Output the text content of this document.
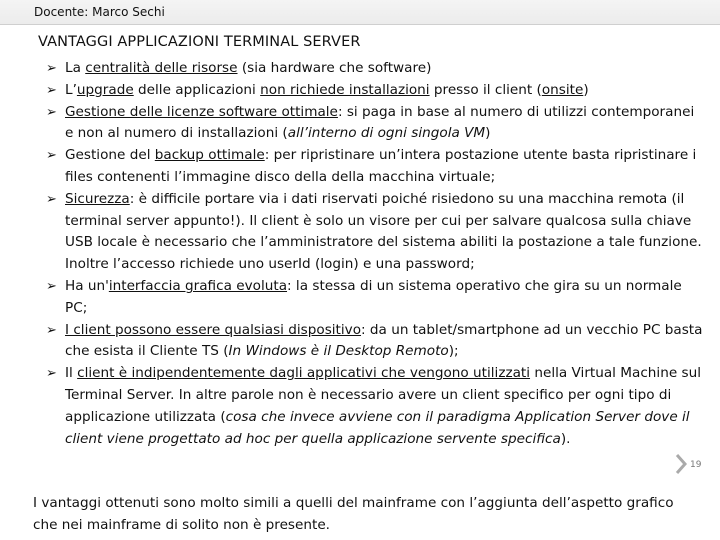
Docente: Marco Sechi
VANTAGGI APPLICAZIONI TERMINAL SERVER
➢ La centralità delle risorse (sia hardware che software)
➢ L’upgrade delle applicazioni non richiede installazioni presso il client (onsite)
➢ Gestione delle licenze software ottimale: si paga in base al numero di utilizzi contemporanei e non al numero di installazioni (all’interno di ogni singola VM)
➢ Gestione del backup ottimale: per ripristinare un’intera postazione utente basta ripristinare i files contenenti l’immagine disco della della macchina virtuale;
➢ Sicurezza: è difficile portare via i dati riservati poiché risiedono su una macchina remota (il terminal server appunto!). Il client è solo un visore per cui per salvare qualcosa sulla chiave USB locale è necessario che l’amministratore del sistema abiliti la postazione a tale funzione. Inoltre l’accesso richiede uno userId (login) e una password;
➢ Ha un'interfaccia grafica evoluta: la stessa di un sistema operativo che gira su un normale PC;
➢ I client possono essere qualsiasi dispositivo: da un tablet/smartphone ad un vecchio PC basta che esista il Cliente TS (In Windows è il Desktop Remoto);
➢ Il client è indipendentemente dagli applicativi che vengono utilizzati nella Virtual Machine sul Terminal Server. In altre parole non è necessario avere un client specifico per ogni tipo di applicazione utilizzata (cosa che invece avviene con il paradigma Application Server dove il client viene progettato ad hoc per quella applicazione servente specifica).

I vantaggi ottenuti sono molto simili a quelli del mainframe con l’aggiunta dell’aspetto grafico che nei mainframe di solito non è presente.

19
